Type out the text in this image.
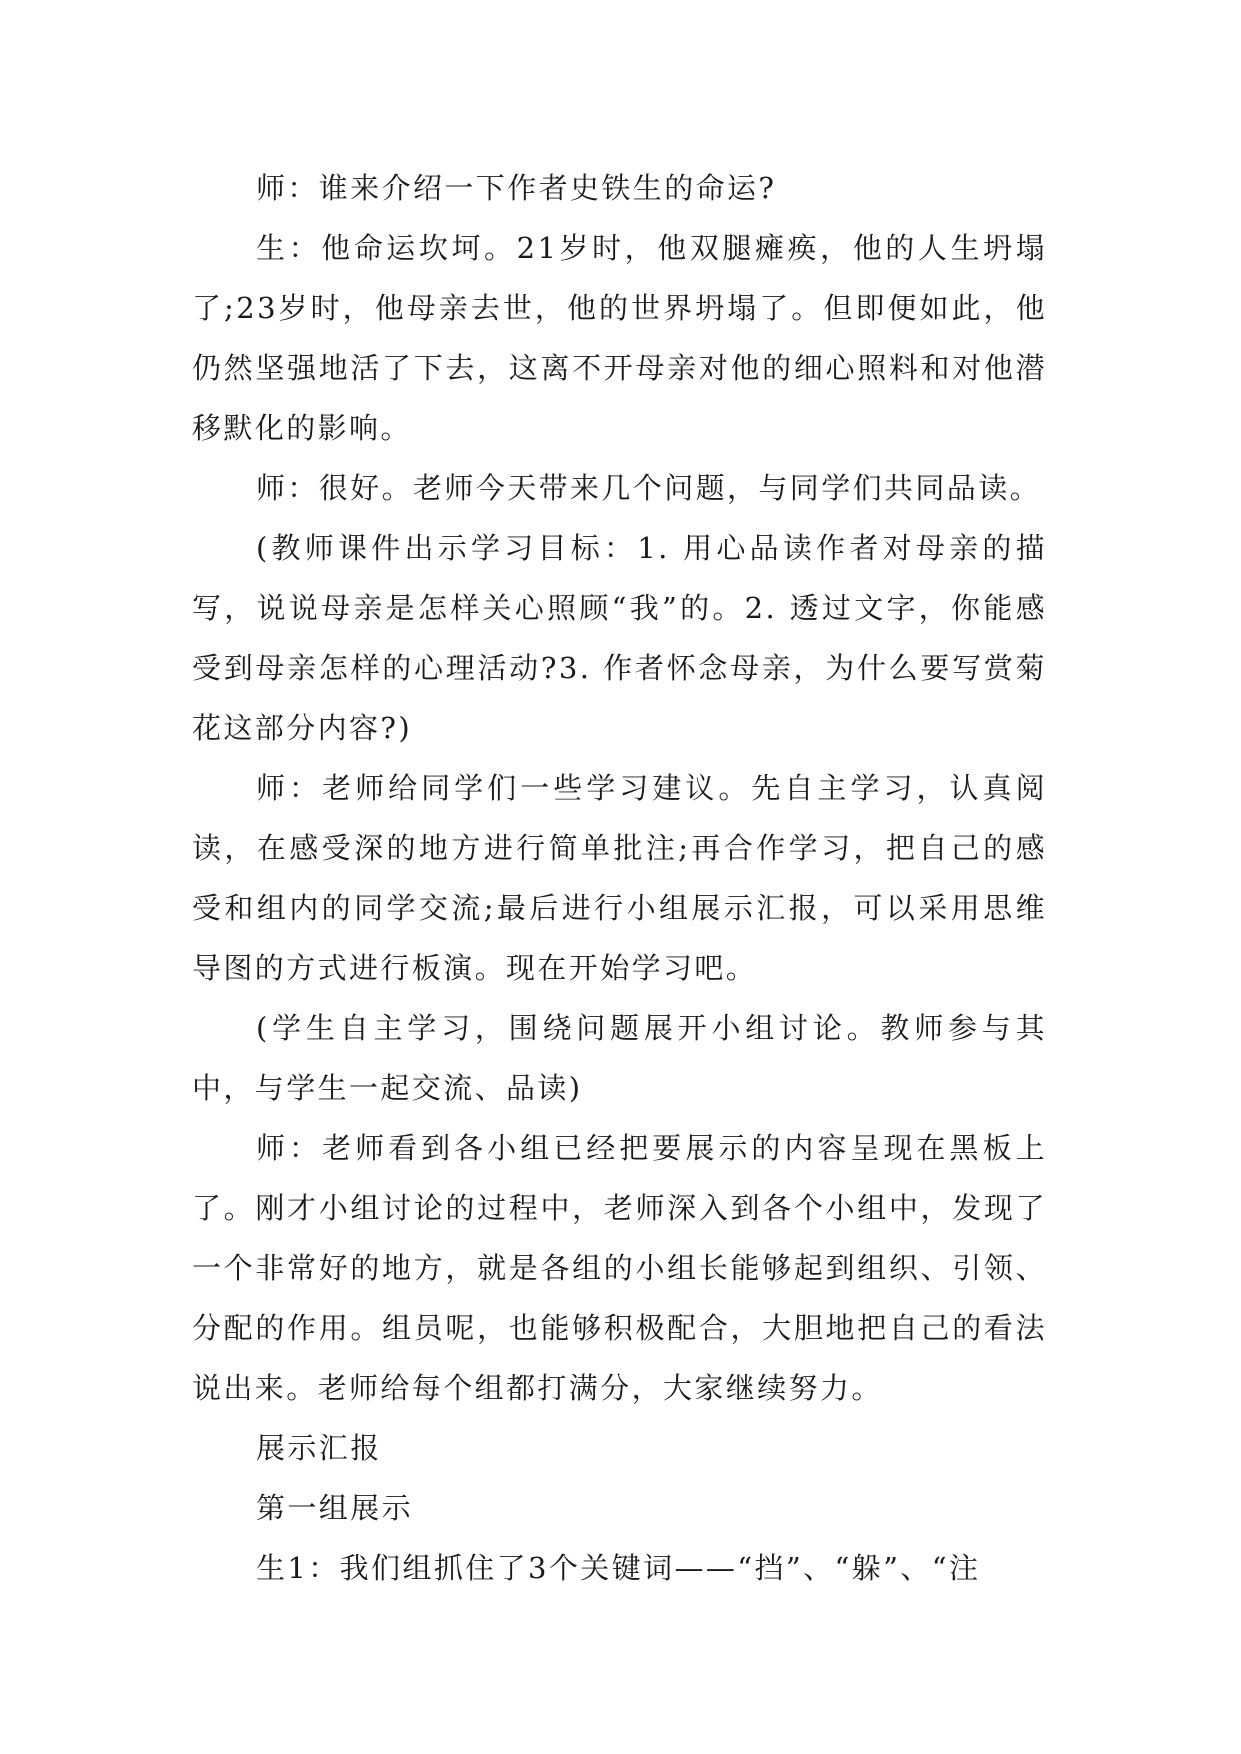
师：谁来介绍一下作者史铁生的命运?

生：他命运坎坷。21岁时，他双腿瘫痪，他的人生坍塌了;23岁时，他母亲去世，他的世界坍塌了。但即便如此，他仍然坚强地活了下去，这离不开母亲对他的细心照料和对他潜移默化的影响。

师：很好。老师今天带来几个问题，与同学们共同品读。

(教师课件出示学习目标：1. 用心品读作者对母亲的描写，说说母亲是怎样关心照顾“我”的。2. 透过文字，你能感受到母亲怎样的心理活动?3. 作者怀念母亲，为什么要写赏菊花这部分内容?)

师：老师给同学们一些学习建议。先自主学习，认真阅读，在感受深的地方进行简单批注;再合作学习，把自己的感受和组内的同学交流;最后进行小组展示汇报，可以采用思维导图的方式进行板演。现在开始学习吧。

(学生自主学习，围绕问题展开小组讨论。教师参与其中，与学生一起交流、品读)

师：老师看到各小组已经把要展示的内容呈现在黑板上了。刚才小组讨论的过程中，老师深入到各个小组中，发现了一个非常好的地方，就是各组的小组长能够起到组织、引领、分配的作用。组员呢，也能够积极配合，大胆地把自己的看法说出来。老师给每个组都打满分，大家继续努力。

展示汇报

第一组展示

生1：我们组抓住了3个关键词——“挡”、“躲”、“注
